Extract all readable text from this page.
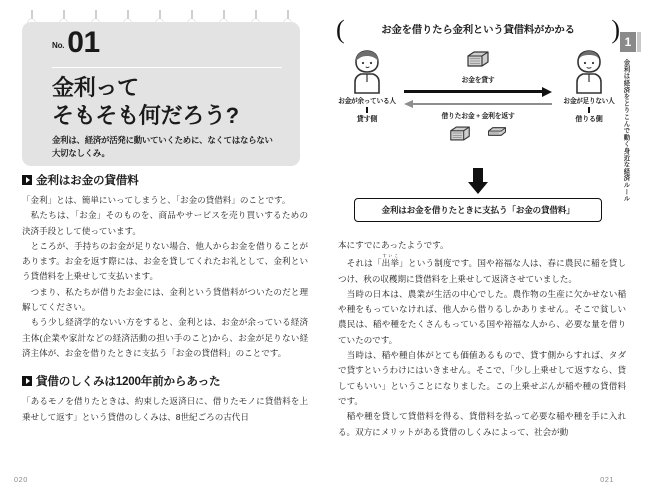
No. 01
金利って
そもそも何だろう?
金利は、経済が活発に動いていくために、なくてはならない大切なしくみ。
金利はお金の貸借料

「金利」とは、簡単にいってしまうと、「お金の貸借料」のことです。

私たちは、「お金」そのものを、商品やサービスを売り買いするための決済手段として使っています。

ところが、手持ちのお金が足りない場合、他人からお金を借りることがあります。お金を返す際には、お金を貸してくれたお礼として、金利という貸借料を上乗せして支払います。

つまり、私たちが借りたお金には、金利という貸借料がついたのだと理解してください。

もう少し経済学的ないい方をすると、金利とは、お金が余っている経済主体(企業や家計などの経済活動の担い手のこと)から、お金が足りない経済主体が、お金を借りたときに支払う「お金の貸借料」のことです。

貸借のしくみは1200年前からあった

「あるモノを借りたときは、約束した返済日に、借りたモノに貸借料を上乗せして返す」という貸借のしくみは、8世紀ごろの古代日

020
(	お金を借りたら金利という貸借料がかかる	)
お金が余っている人
貸す側
お金が足りない人
借りる側
お金を貸す
借りたお金 + 金利を返す
金利はお金を借りたときに支払う「お金の貸借料」

本にすでにあったようです。

それは「出挙すいこ」という制度です。国や裕福な人は、春に農民に稲を貸しつけ、秋の収穫期に貸借料を上乗せして返済させていました。

当時の日本は、農業が生活の中心でした。農作物の生産に欠かせない稲や種をもっていなければ、他人から借りるしかありません。そこで貧しい農民は、稲や種をたくさんもっている国や裕福な人から、必要な量を借りていたのです。

当時は、稲や種自体がとても価値あるもので、貸す側からすれば、タダで貸すというわけにはいきません。そこで、「少し上乗せして返すなら、貸してもいい」ということになりました。この上乗せぶんが稲や種の貸借料です。

稲や種を貸して貸借料を得る、貸借料を払って必要な稲や種を手に入れる。双方にメリットがある貸借のしくみによって、社会が動

1
金利は経済をとりこんで動く身近な経済ルール
021
